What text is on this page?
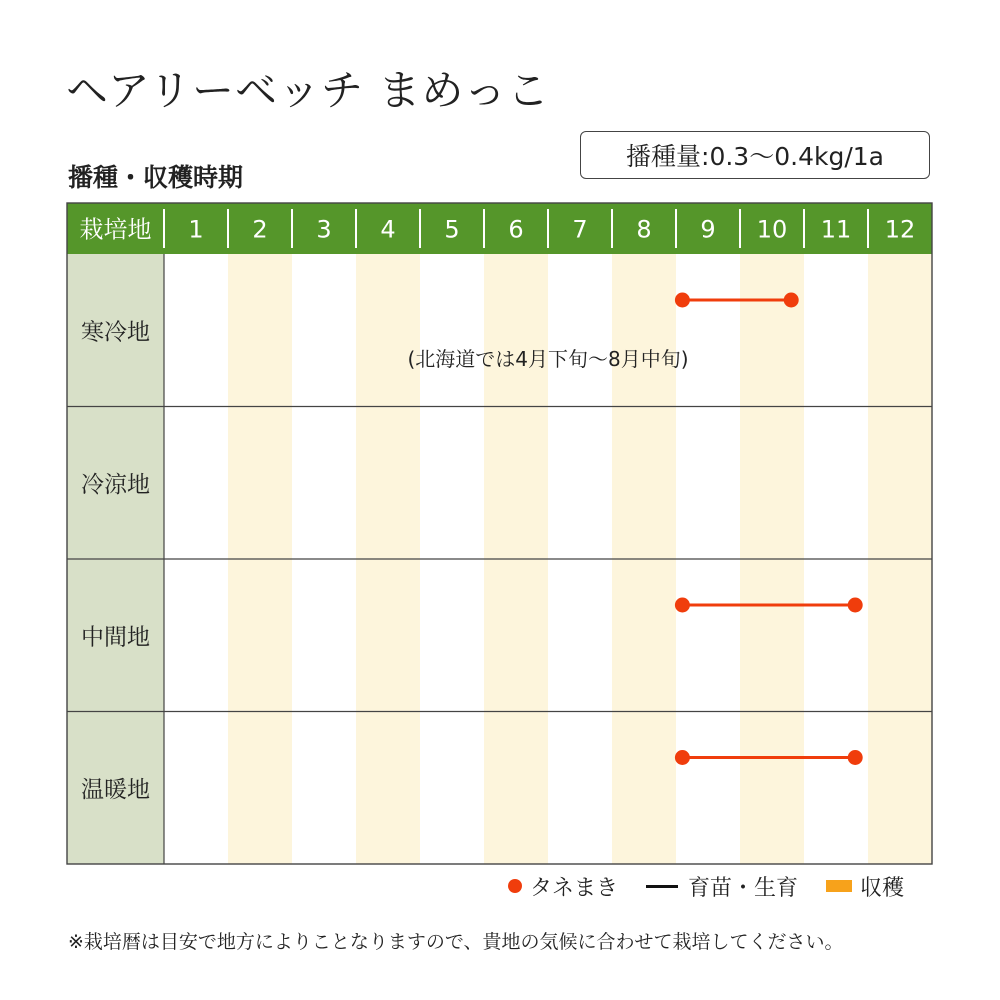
ヘアリーベッチ まめっこ
播種・収穫時期
播種量:0.3〜0.4kg/1a
栽培地 1 2 3 4 5 6 7 8 9 10 11 12
寒冷地
(北海道では4月下旬〜8月中旬)
冷涼地
中間地
温暖地
タネまき	育苗・生育	収穫
※栽培暦は目安で地方によりことなりますので、貴地の気候に合わせて栽培してください。
